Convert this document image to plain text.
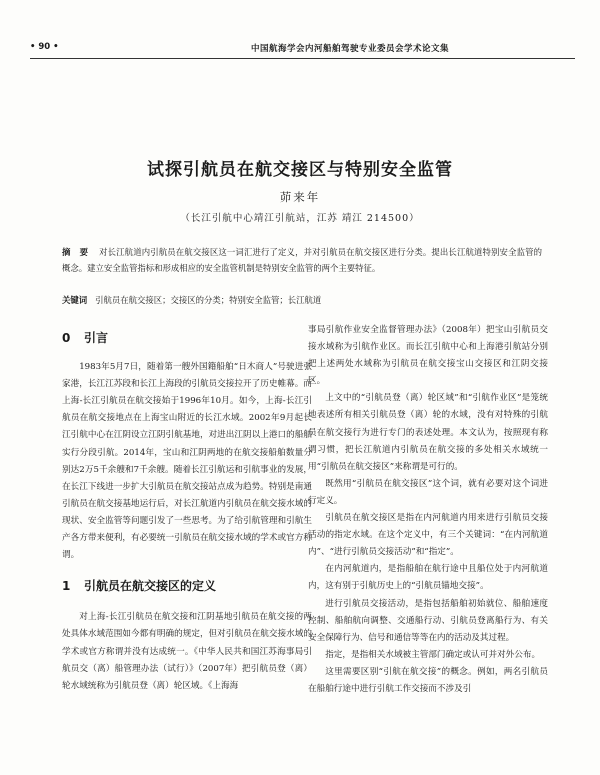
• 90 •	中国航海学会内河船舶驾驶专业委员会学术论文集
试探引航员在航交接区与特别安全监管
茆来年
（长江引航中心靖江引航站，江苏 靖江 214500）
摘 要 对长江航道内引航员在航交接区这一词汇进行了定义，并对引航员在航交接区进行分类。提出长江航道特别安全监管的概念。建立安全监管指标和形成相应的安全监管机制是特别安全监管的两个主要特征。
关键词 引航员在航交接区；交接区的分类；特别安全监管；长江航道

0 引言

1983年5月7日，随着第一艘外国籍船舶“日木商人”号驶进张家港，长江江苏段和长江上海段的引航员交接拉开了历史帷幕。而上海-长江引航员在航交接始于1996年10月。如今，上海-长江引航员在航交接地点在上海宝山附近的长江水域。2002年9月起长江引航中心在江阴设立江阴引航基地，对进出江阴以上港口的船舶实行分段引航。2014年，宝山和江阴两地的在航交接船舶数量分别达2万5千余艘和7千余艘。随着长江引航运和引航事业的发展，在长江下线进一步扩大引航员在航交接站点成为趋势。特别是南通引航员在航交接基地运行后，对长江航道内引航员在航交接水域的现状、安全监管等问题引发了一些思考。为了给引航管理和引航生产各方带来便利，有必要统一引航员在航交接水域的学术或官方称谓。

1 引航员在航交接区的定义

对上海-长江引航员在航交接和江阴基地引航员在航交接的两处具体水域范围如今都有明确的规定，但对引航员在航交接水域的学术或官方称谓并没有达成统一。《中华人民共和国江苏海事局引航员交（离）船管理办法（试行）》（2007年）把引航员登（离）轮水域统称为引航员登（离）轮区域。《上海海

事局引航作业安全监督管理办法》（2008年）把宝山引航员交接水域称为引航作业区。而长江引航中心和上海港引航站分别把上述两处水域称为引航员在航交接宝山交接区和江阴交接区。

上文中的“引航员登（离）轮区域”和“引航作业区”是笼统地表述所有相关引航员登（离）轮的水域，没有对特殊的引航员在航交接行为进行专门的表述处理。本文认为，按照现有称谓习惯，把长江航道内引航员在航交接的多处相关水域统一用“引航员在航交接区”来称谓是可行的。

既然用“引航员在航交接区”这个词，就有必要对这个词进行定义。

引航员在航交接区是指在内河航道内用来进行引航员交接活动的指定水域。在这个定义中，有三个关键词：“在内河航道内”、“进行引航员交接活动”和“指定”。

在内河航道内，是指船舶在航行途中且船位处于内河航道内，这有别于引航历史上的“引航员锚地交接”。

进行引航员交接活动，是指包括船舶初始就位、船舶速度控制、船舶航向调整、交通船行动、引航员登离船行为、有关安全保障行为、信号和通信等等在内的活动及其过程。

指定，是指相关水域被主管部门确定或认可并对外公布。

这里需要区别“引航在航交接”的概念。例如，两名引航员在船舶行途中进行引航工作交接而不涉及引
